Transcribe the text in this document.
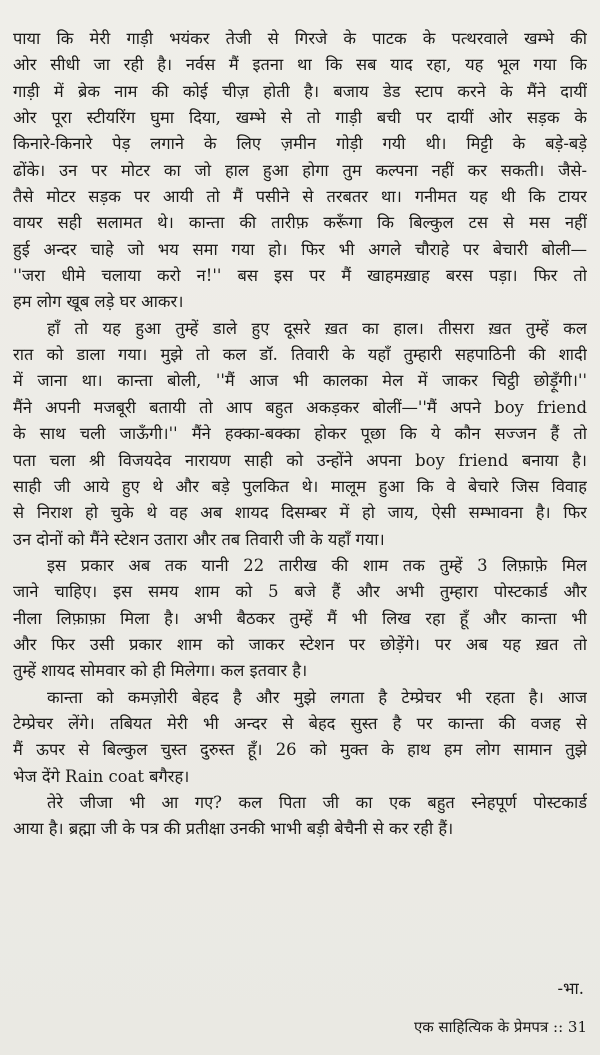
पाया कि मेरी गाड़ी भयंकर तेजी से गिरजे के पाटक के पत्थरवाले खम्भे की
ओर सीधी जा रही है। नर्वस मैं इतना था कि सब याद रहा, यह भूल गया कि
गाड़ी में ब्रेक नाम की कोई चीज़ होती है। बजाय डेड स्टाप करने के मैंने दायीं
ओर पूरा स्टीयरिंग घुमा दिया, खम्भे से तो गाड़ी बची पर दायीं ओर सड़क के
किनारे-किनारे पेड़ लगाने के लिए ज़मीन गोड़ी गयी थी। मिट्टी के बड़े-बड़े
ढोंके। उन पर मोटर का जो हाल हुआ होगा तुम कल्पना नहीं कर सकती। जैसे-
तैसे मोटर सड़क पर आयी तो मैं पसीने से तरबतर था। गनीमत यह थी कि टायर
वायर सही सलामत थे। कान्ता की तारीफ़ करूँगा कि बिल्कुल टस से मस नहीं
हुई अन्दर चाहे जो भय समा गया हो। फिर भी अगले चौराहे पर बेचारी बोली—
''जरा धीमे चलाया करो न!'' बस इस पर मैं खाहमख़ाह बरस पड़ा। फिर तो
हम लोग खूब लड़े घर आकर।
हाँ तो यह हुआ तुम्हें डाले हुए दूसरे ख़त का हाल। तीसरा ख़त तुम्हें कल
रात को डाला गया। मुझे तो कल डॉ. तिवारी के यहाँ तुम्हारी सहपाठिनी की शादी
में जाना था। कान्ता बोली, ''मैं आज भी कालका मेल में जाकर चिट्ठी छोड़ूँगी।''
मैंने अपनी मजबूरी बतायी तो आप बहुत अकड़कर बोलीं—''मैं अपने boy friend
के साथ चली जाऊँगी।'' मैंने हक्का-बक्का होकर पूछा कि ये कौन सज्जन हैं तो
पता चला श्री विजयदेव नारायण साही को उन्होंने अपना boy friend बनाया है।
साही जी आये हुए थे और बड़े पुलकित थे। मालूम हुआ कि वे बेचारे जिस विवाह
से निराश हो चुके थे वह अब शायद दिसम्बर में हो जाय, ऐसी सम्भावना है। फिर
उन दोनों को मैंने स्टेशन उतारा और तब तिवारी जी के यहाँ गया।
इस प्रकार अब तक यानी 22 तारीख की शाम तक तुम्हें 3 लिफ़ाफ़े मिल
जाने चाहिए। इस समय शाम को 5 बजे हैं और अभी तुम्हारा पोस्टकार्ड और
नीला लिफ़ाफ़ा मिला है। अभी बैठकर तुम्हें मैं भी लिख रहा हूँ और कान्ता भी
और फिर उसी प्रकार शाम को जाकर स्टेशन पर छोड़ेंगे। पर अब यह ख़त तो
तुम्हें शायद सोमवार को ही मिलेगा। कल इतवार है।
कान्ता को कमज़ोरी बेहद है और मुझे लगता है टेम्प्रेचर भी रहता है। आज
टेम्प्रेचर लेंगे। तबियत मेरी भी अन्दर से बेहद सुस्त है पर कान्ता की वजह से
मैं ऊपर से बिल्कुल चुस्त दुरुस्त हूँ। 26 को मुक्त के हाथ हम लोग सामान तुझे
भेज देंगे Rain coat बगैरह।
तेरे जीजा भी आ गए? कल पिता जी का एक बहुत स्नेहपूर्ण पोस्टकार्ड
आया है। ब्रह्मा जी के पत्र की प्रतीक्षा उनकी भाभी बड़ी बेचैनी से कर रही हैं।
-भा.
एक साहित्यिक के प्रेमपत्र :: 31
